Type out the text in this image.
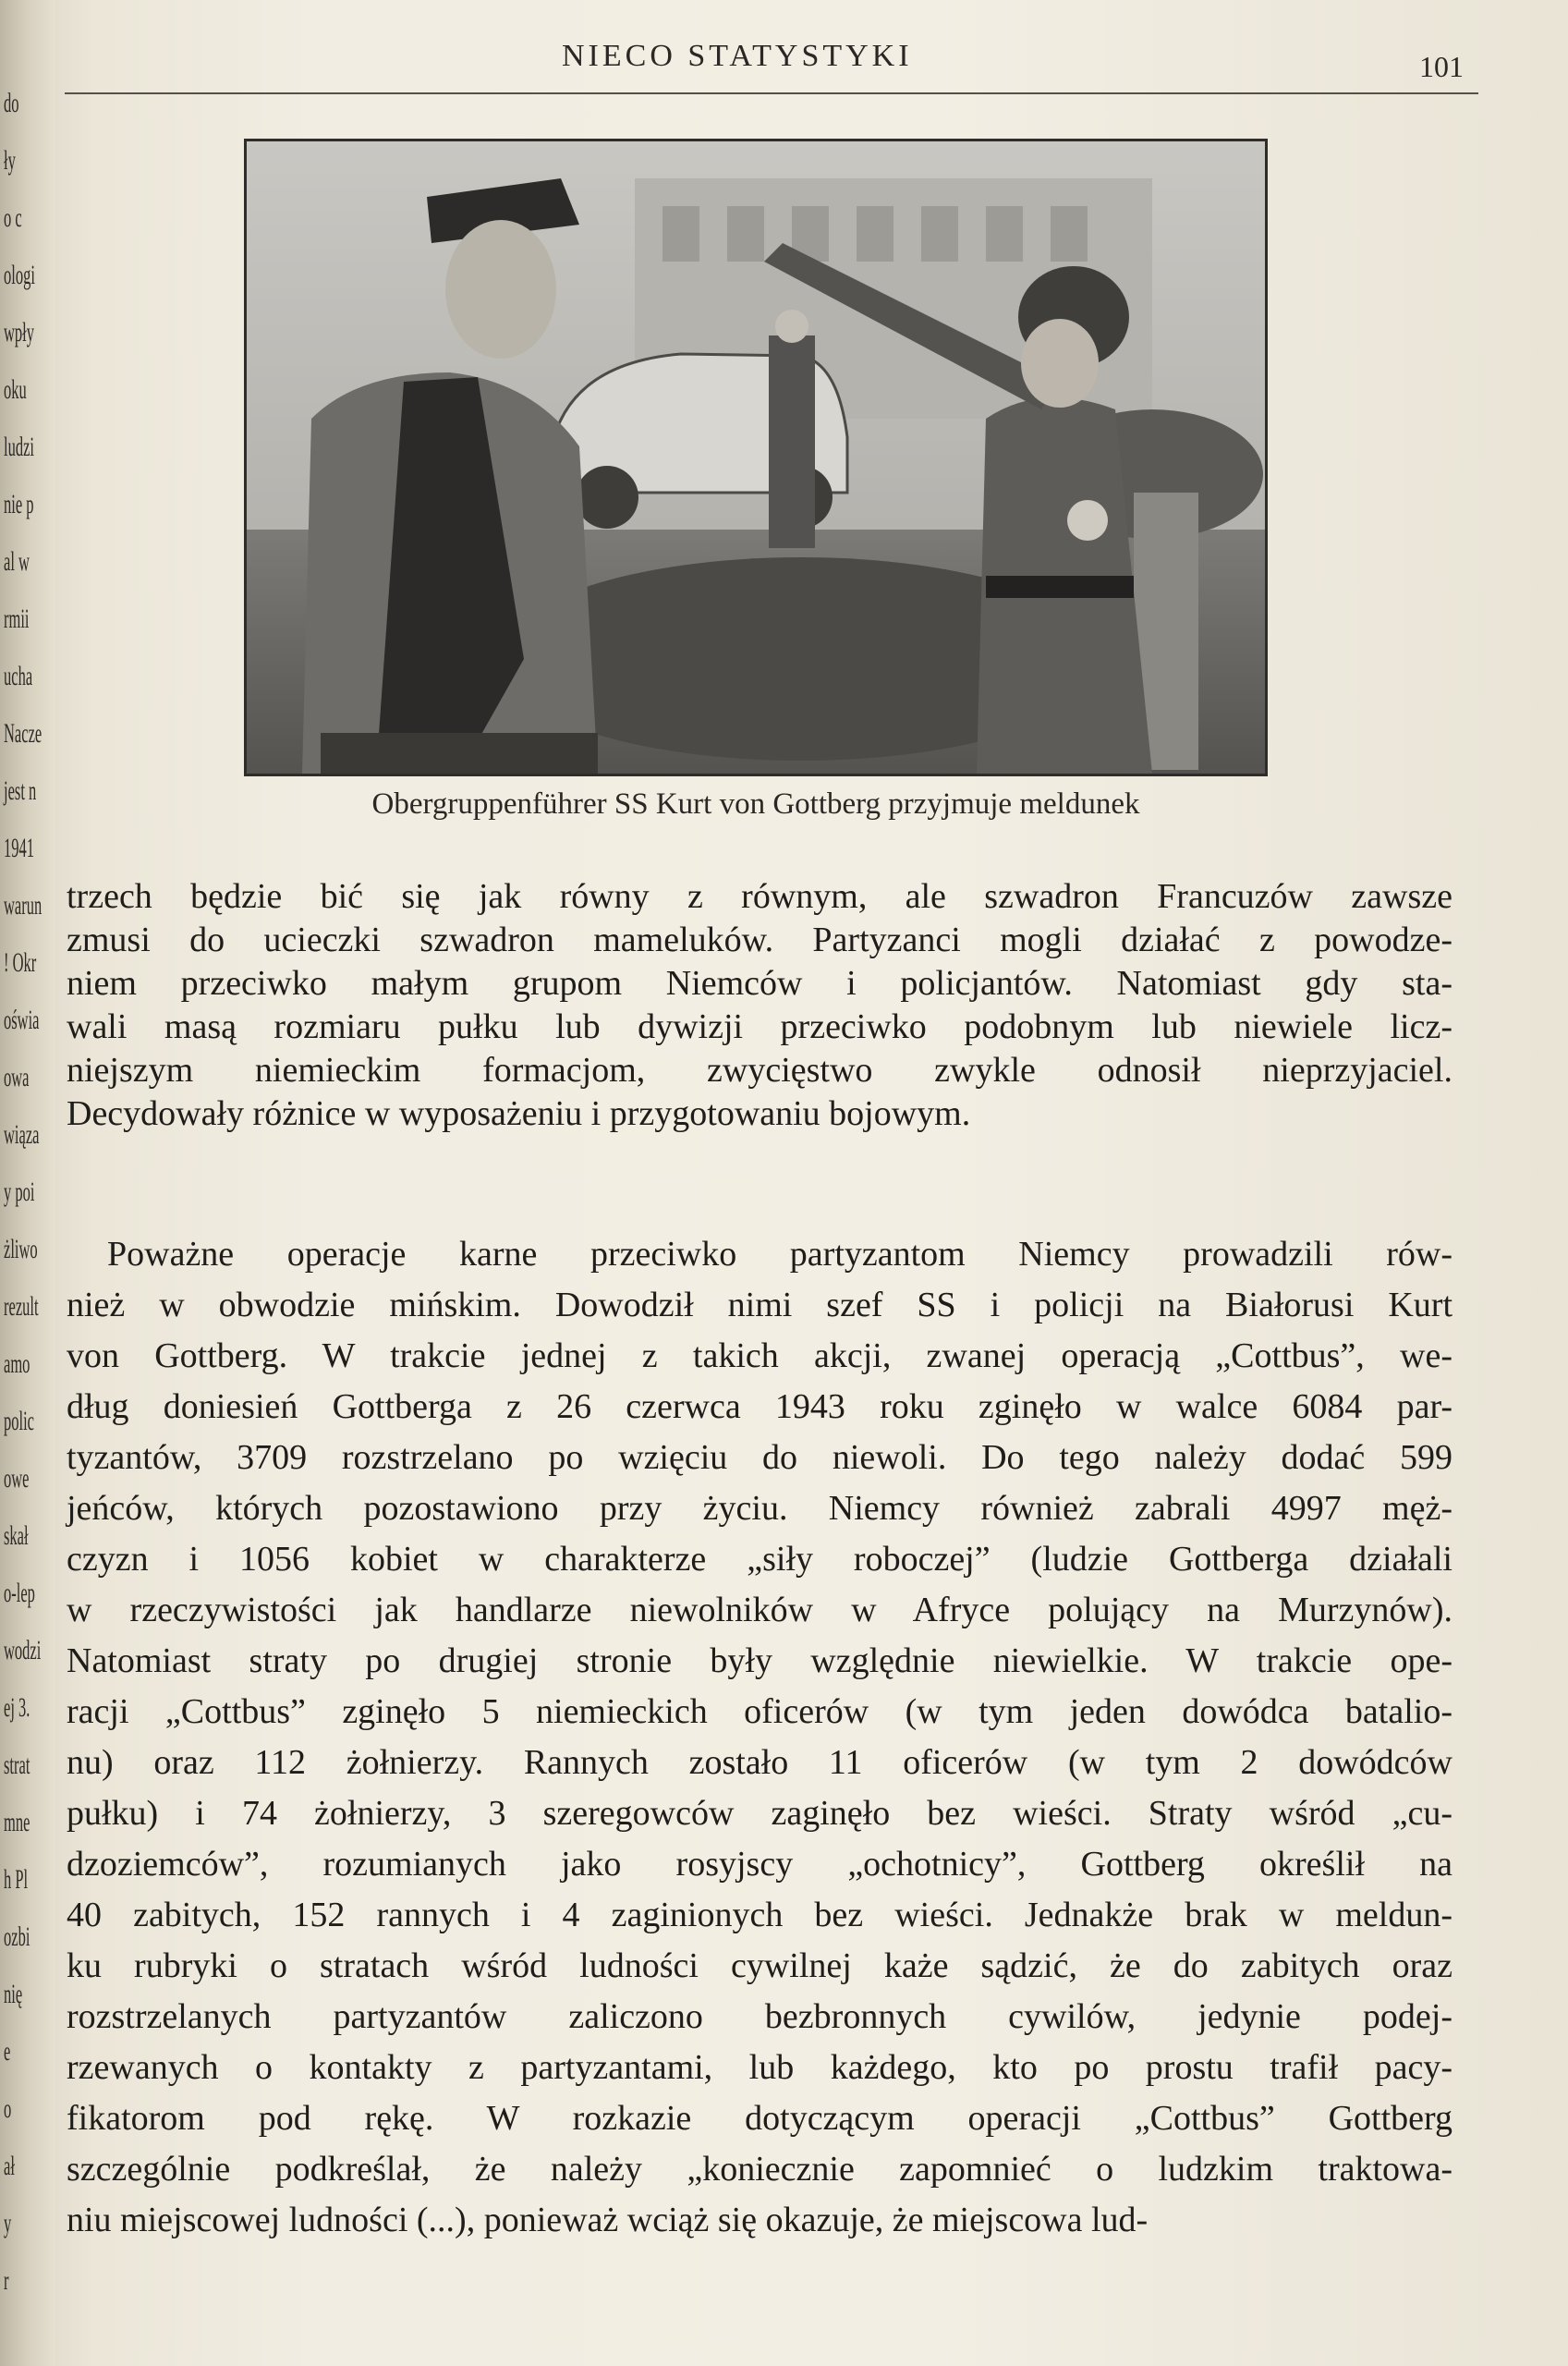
do
ły
o c
ologi
wpły
oku
ludzi
nie p
al w
rmii
ucha
Nacze
jest n
1941
warun
! Okr
oświa
owa
wiąza
y poi
żliwo
rezult
amo
polic
owe
skał
o-lep
wodzi
ej 3.
strat
mne
h Pl
ozbi
nię
e
o
ał
y
r
NIECO STATYSTYKI	101
Obergruppenführer SS Kurt von Gottberg przyjmuje meldunek
trzech będzie bić się jak równy z równym, ale szwadron Francuzów zawsze
zmusi do ucieczki szwadron mameluków. Partyzanci mogli działać z powodze-
niem przeciwko małym grupom Niemców i policjantów. Natomiast gdy sta-
wali masą rozmiaru pułku lub dywizji przeciwko podobnym lub niewiele licz-
niejszym niemieckim formacjom, zwycięstwo zwykle odnosił nieprzyjaciel.
Decydowały różnice w wyposażeniu i przygotowaniu bojowym.
Poważne operacje karne przeciwko partyzantom Niemcy prowadzili rów-
nież w obwodzie mińskim. Dowodził nimi szef SS i policji na Białorusi Kurt
von Gottberg. W trakcie jednej z takich akcji, zwanej operacją „Cottbus”, we-
dług doniesień Gottberga z 26 czerwca 1943 roku zginęło w walce 6084 par-
tyzantów, 3709 rozstrzelano po wzięciu do niewoli. Do tego należy dodać 599
jeńców, których pozostawiono przy życiu. Niemcy również zabrali 4997 męż-
czyzn i 1056 kobiet w charakterze „siły roboczej” (ludzie Gottberga działali
w rzeczywistości jak handlarze niewolników w Afryce polujący na Murzynów).
Natomiast straty po drugiej stronie były względnie niewielkie. W trakcie ope-
racji „Cottbus” zginęło 5 niemieckich oficerów (w tym jeden dowódca batalio-
nu) oraz 112 żołnierzy. Rannych zostało 11 oficerów (w tym 2 dowódców
pułku) i 74 żołnierzy, 3 szeregowców zaginęło bez wieści. Straty wśród „cu-
dzoziemców”, rozumianych jako rosyjscy „ochotnicy”, Gottberg określił na
40 zabitych, 152 rannych i 4 zaginionych bez wieści. Jednakże brak w meldun-
ku rubryki o stratach wśród ludności cywilnej każe sądzić, że do zabitych oraz
rozstrzelanych partyzantów zaliczono bezbronnych cywilów, jedynie podej-
rzewanych o kontakty z partyzantami, lub każdego, kto po prostu trafił pacy-
fikatorom pod rękę. W rozkazie dotyczącym operacji „Cottbus” Gottberg
szczególnie podkreślał, że należy „koniecznie zapomnieć o ludzkim traktowa-
niu miejscowej ludności (...), ponieważ wciąż się okazuje, że miejscowa lud-
